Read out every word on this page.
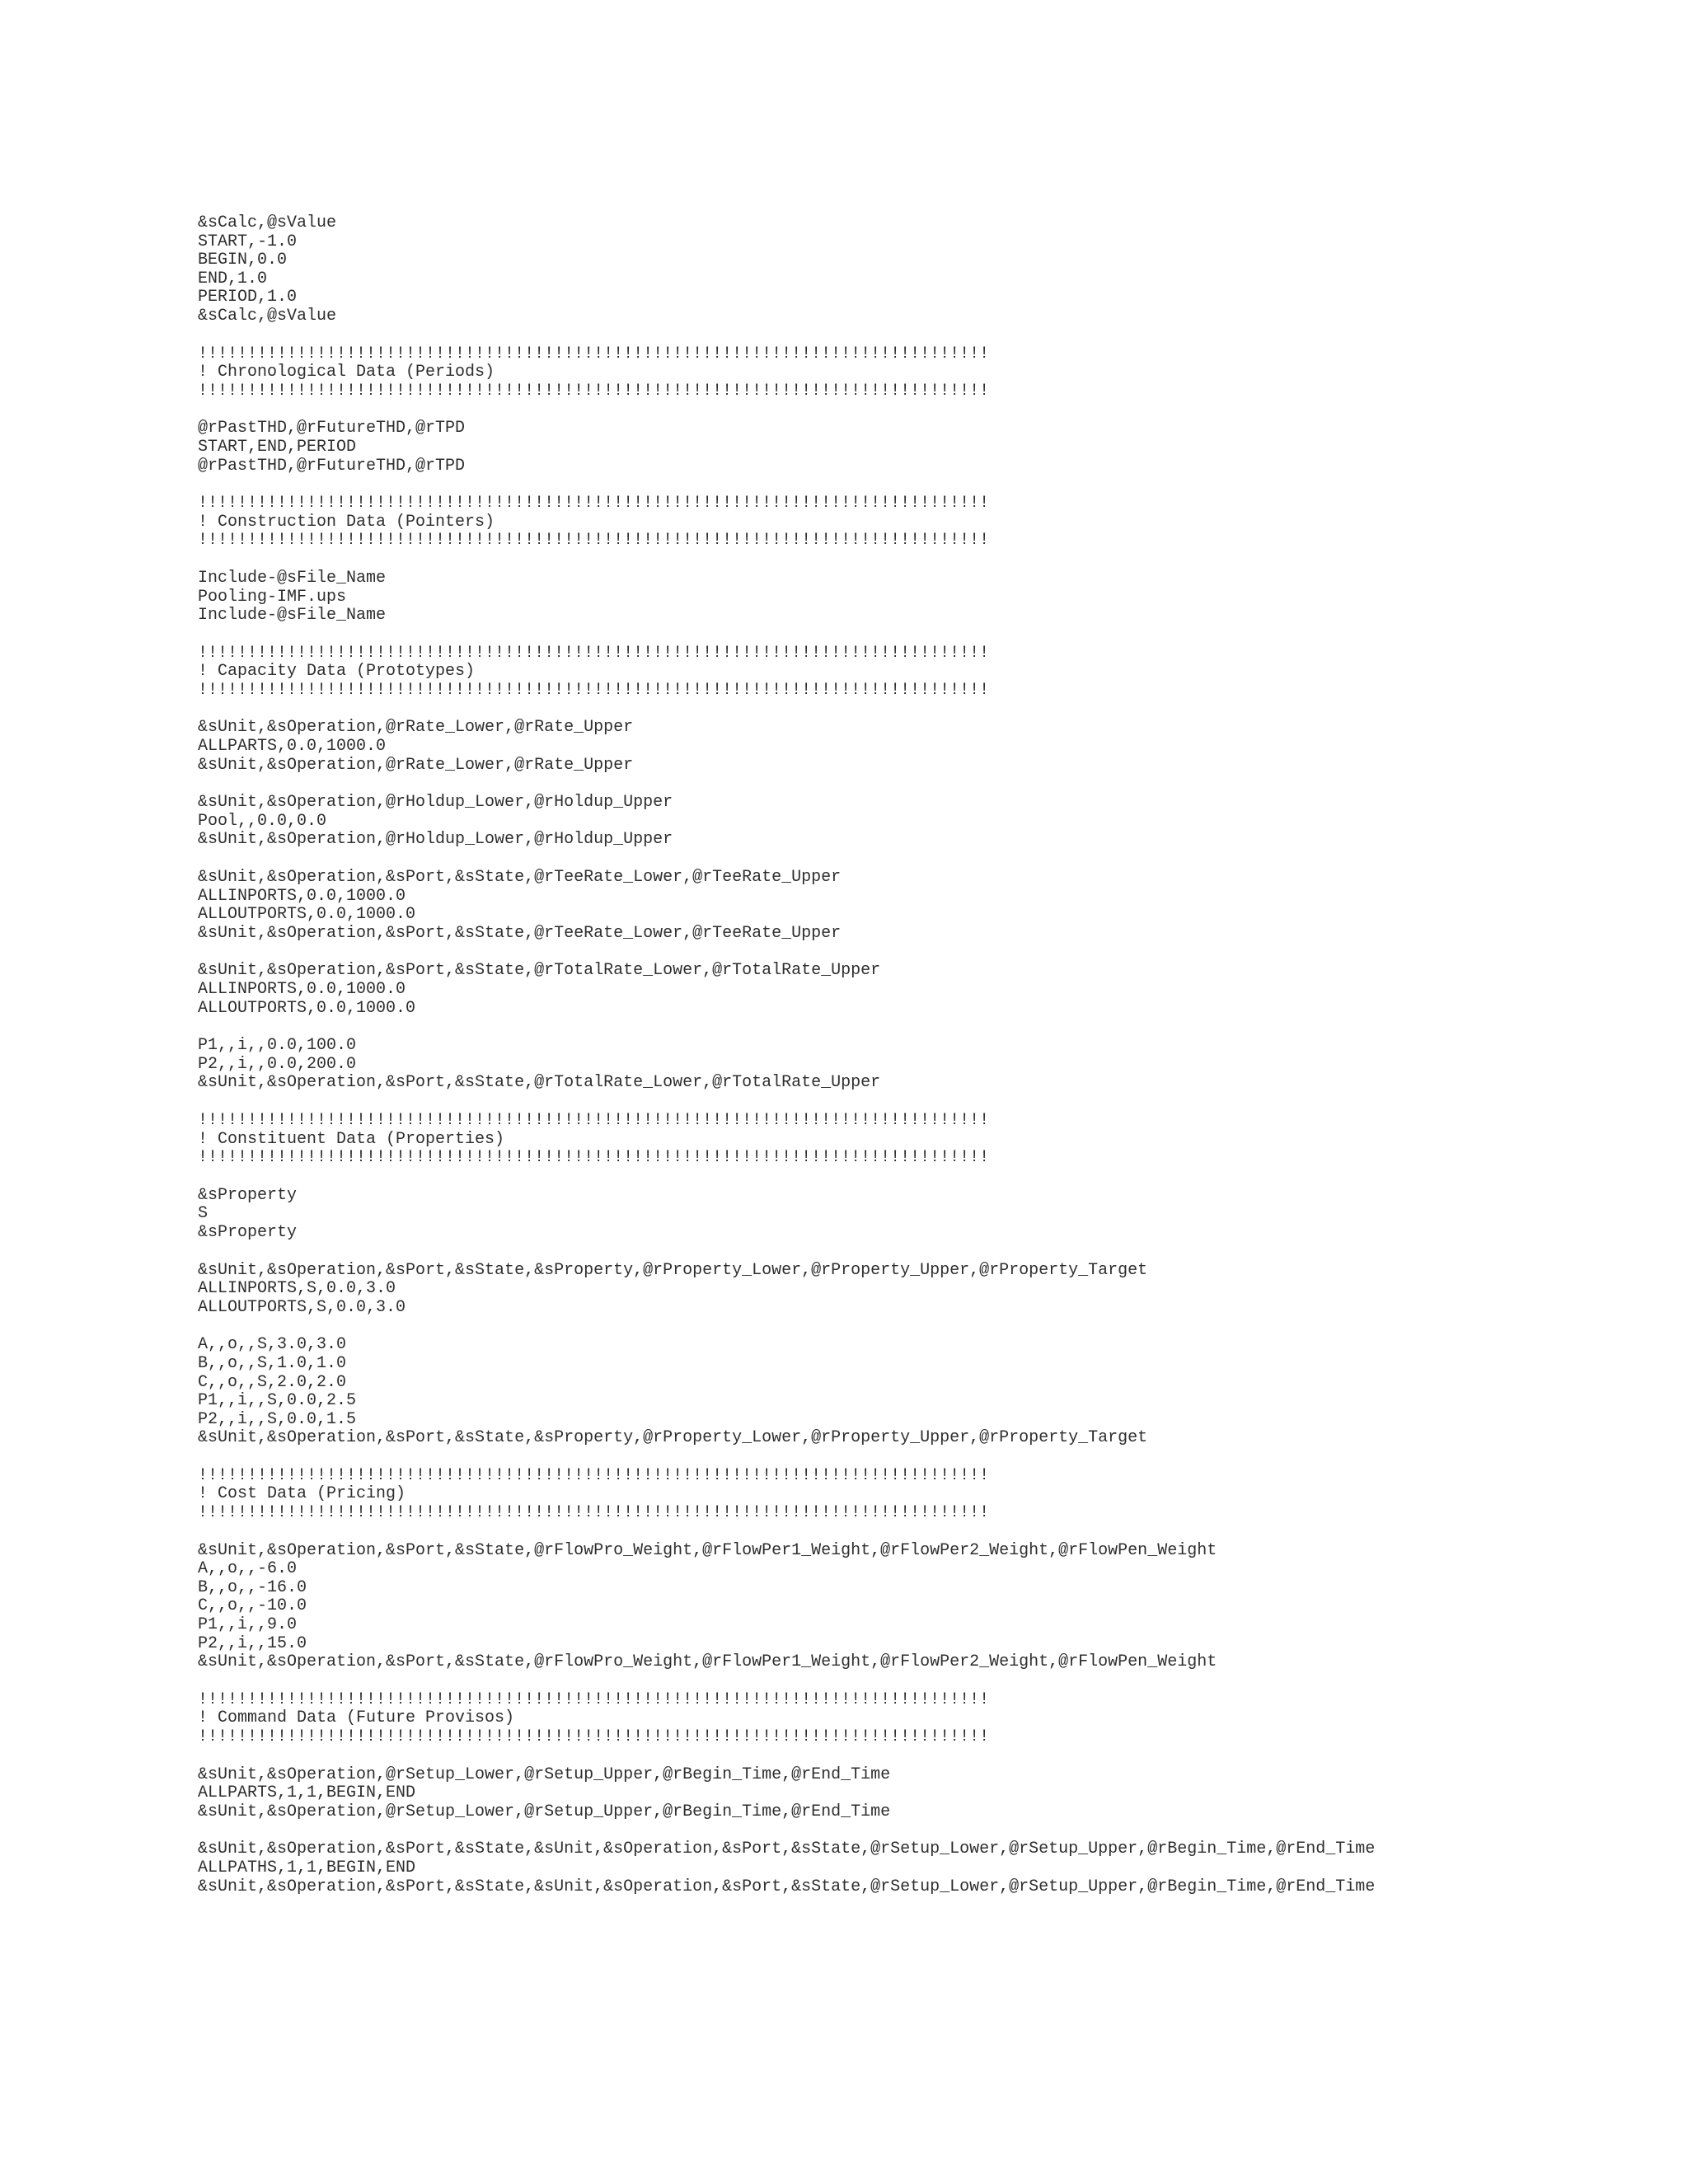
&sCalc,@sValue
START,-1.0
BEGIN,0.0
END,1.0
PERIOD,1.0
&sCalc,@sValue
!!!!!!!!!!!!!!!!!!!!!!!!!!!!!!!!!!!!!!!!!!!!!!!!!!!!!!!!!!!!!!!!!!!!!!!!!!!!!!!!
! Chronological Data (Periods)
!!!!!!!!!!!!!!!!!!!!!!!!!!!!!!!!!!!!!!!!!!!!!!!!!!!!!!!!!!!!!!!!!!!!!!!!!!!!!!!!
@rPastTHD,@rFutureTHD,@rTPD
START,END,PERIOD
@rPastTHD,@rFutureTHD,@rTPD
!!!!!!!!!!!!!!!!!!!!!!!!!!!!!!!!!!!!!!!!!!!!!!!!!!!!!!!!!!!!!!!!!!!!!!!!!!!!!!!!
! Construction Data (Pointers)
!!!!!!!!!!!!!!!!!!!!!!!!!!!!!!!!!!!!!!!!!!!!!!!!!!!!!!!!!!!!!!!!!!!!!!!!!!!!!!!!
Include-@sFile_Name
Pooling-IMF.ups
Include-@sFile_Name
!!!!!!!!!!!!!!!!!!!!!!!!!!!!!!!!!!!!!!!!!!!!!!!!!!!!!!!!!!!!!!!!!!!!!!!!!!!!!!!!
! Capacity Data (Prototypes)
!!!!!!!!!!!!!!!!!!!!!!!!!!!!!!!!!!!!!!!!!!!!!!!!!!!!!!!!!!!!!!!!!!!!!!!!!!!!!!!!
&sUnit,&sOperation,@rRate_Lower,@rRate_Upper
ALLPARTS,0.0,1000.0
&sUnit,&sOperation,@rRate_Lower,@rRate_Upper
&sUnit,&sOperation,@rHoldup_Lower,@rHoldup_Upper
Pool,,0.0,0.0
&sUnit,&sOperation,@rHoldup_Lower,@rHoldup_Upper
&sUnit,&sOperation,&sPort,&sState,@rTeeRate_Lower,@rTeeRate_Upper
ALLINPORTS,0.0,1000.0
ALLOUTPORTS,0.0,1000.0
&sUnit,&sOperation,&sPort,&sState,@rTeeRate_Lower,@rTeeRate_Upper
&sUnit,&sOperation,&sPort,&sState,@rTotalRate_Lower,@rTotalRate_Upper
ALLINPORTS,0.0,1000.0
ALLOUTPORTS,0.0,1000.0
P1,,i,,0.0,100.0
P2,,i,,0.0,200.0
&sUnit,&sOperation,&sPort,&sState,@rTotalRate_Lower,@rTotalRate_Upper
!!!!!!!!!!!!!!!!!!!!!!!!!!!!!!!!!!!!!!!!!!!!!!!!!!!!!!!!!!!!!!!!!!!!!!!!!!!!!!!!
! Constituent Data (Properties)
!!!!!!!!!!!!!!!!!!!!!!!!!!!!!!!!!!!!!!!!!!!!!!!!!!!!!!!!!!!!!!!!!!!!!!!!!!!!!!!!
&sProperty
S
&sProperty
&sUnit,&sOperation,&sPort,&sState,&sProperty,@rProperty_Lower,@rProperty_Upper,@rProperty_Target
ALLINPORTS,S,0.0,3.0
ALLOUTPORTS,S,0.0,3.0
A,,o,,S,3.0,3.0
B,,o,,S,1.0,1.0
C,,o,,S,2.0,2.0
P1,,i,,S,0.0,2.5
P2,,i,,S,0.0,1.5
&sUnit,&sOperation,&sPort,&sState,&sProperty,@rProperty_Lower,@rProperty_Upper,@rProperty_Target
!!!!!!!!!!!!!!!!!!!!!!!!!!!!!!!!!!!!!!!!!!!!!!!!!!!!!!!!!!!!!!!!!!!!!!!!!!!!!!!!
! Cost Data (Pricing)
!!!!!!!!!!!!!!!!!!!!!!!!!!!!!!!!!!!!!!!!!!!!!!!!!!!!!!!!!!!!!!!!!!!!!!!!!!!!!!!!
&sUnit,&sOperation,&sPort,&sState,@rFlowPro_Weight,@rFlowPer1_Weight,@rFlowPer2_Weight,@rFlowPen_Weight
A,,o,,-6.0
B,,o,,-16.0
C,,o,,-10.0
P1,,i,,9.0
P2,,i,,15.0
&sUnit,&sOperation,&sPort,&sState,@rFlowPro_Weight,@rFlowPer1_Weight,@rFlowPer2_Weight,@rFlowPen_Weight
!!!!!!!!!!!!!!!!!!!!!!!!!!!!!!!!!!!!!!!!!!!!!!!!!!!!!!!!!!!!!!!!!!!!!!!!!!!!!!!!
! Command Data (Future Provisos)
!!!!!!!!!!!!!!!!!!!!!!!!!!!!!!!!!!!!!!!!!!!!!!!!!!!!!!!!!!!!!!!!!!!!!!!!!!!!!!!!
&sUnit,&sOperation,@rSetup_Lower,@rSetup_Upper,@rBegin_Time,@rEnd_Time
ALLPARTS,1,1,BEGIN,END
&sUnit,&sOperation,@rSetup_Lower,@rSetup_Upper,@rBegin_Time,@rEnd_Time
&sUnit,&sOperation,&sPort,&sState,&sUnit,&sOperation,&sPort,&sState,@rSetup_Lower,@rSetup_Upper,@rBegin_Time,@rEnd_Time
ALLPATHS,1,1,BEGIN,END
&sUnit,&sOperation,&sPort,&sState,&sUnit,&sOperation,&sPort,&sState,@rSetup_Lower,@rSetup_Upper,@rBegin_Time,@rEnd_Time
